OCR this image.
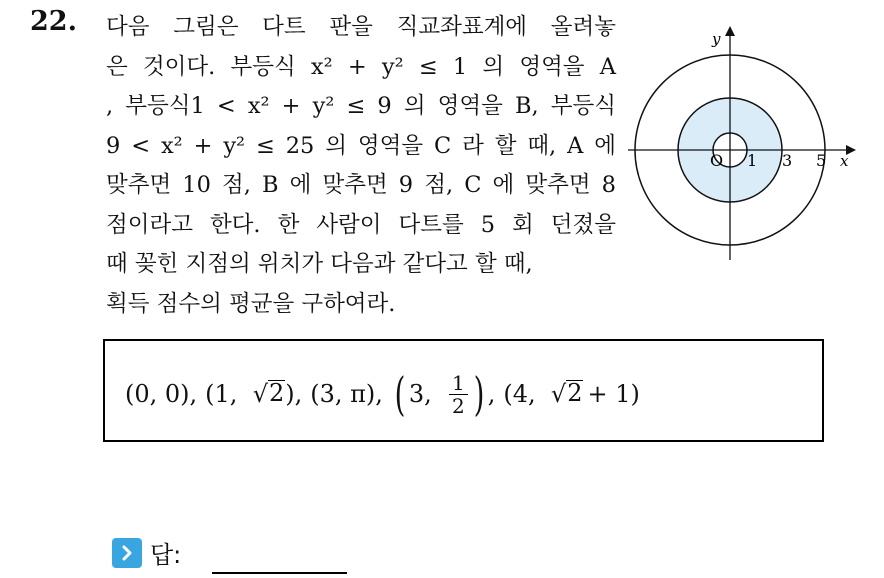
22. 다음 그림은 다트 판을 직교좌표계에 올려놓
은 것이다. 부등식 x² + y² ≤ 1 의 영역을 A
, 부등식1 < x² + y² ≤ 9 의 영역을 B, 부등식
9 < x² + y² ≤ 25 의 영역을 C 라 할 때, A 에
맞추면 10 점, B 에 맞추면 9 점, C 에 맞추면 8
점이라고 한다. 한 사람이 다트를 5 회 던졌을
때 꽂힌 지점의 위치가 다음과 같다고 할 때,
획득 점수의 평균을 구하여라.
x
y
O 1 3 5
(0, 0), (1, √ 2 ), (3, π), ( 3, $\frac{1}{2}$ ) , (4, √ 2 + 1)
답:
